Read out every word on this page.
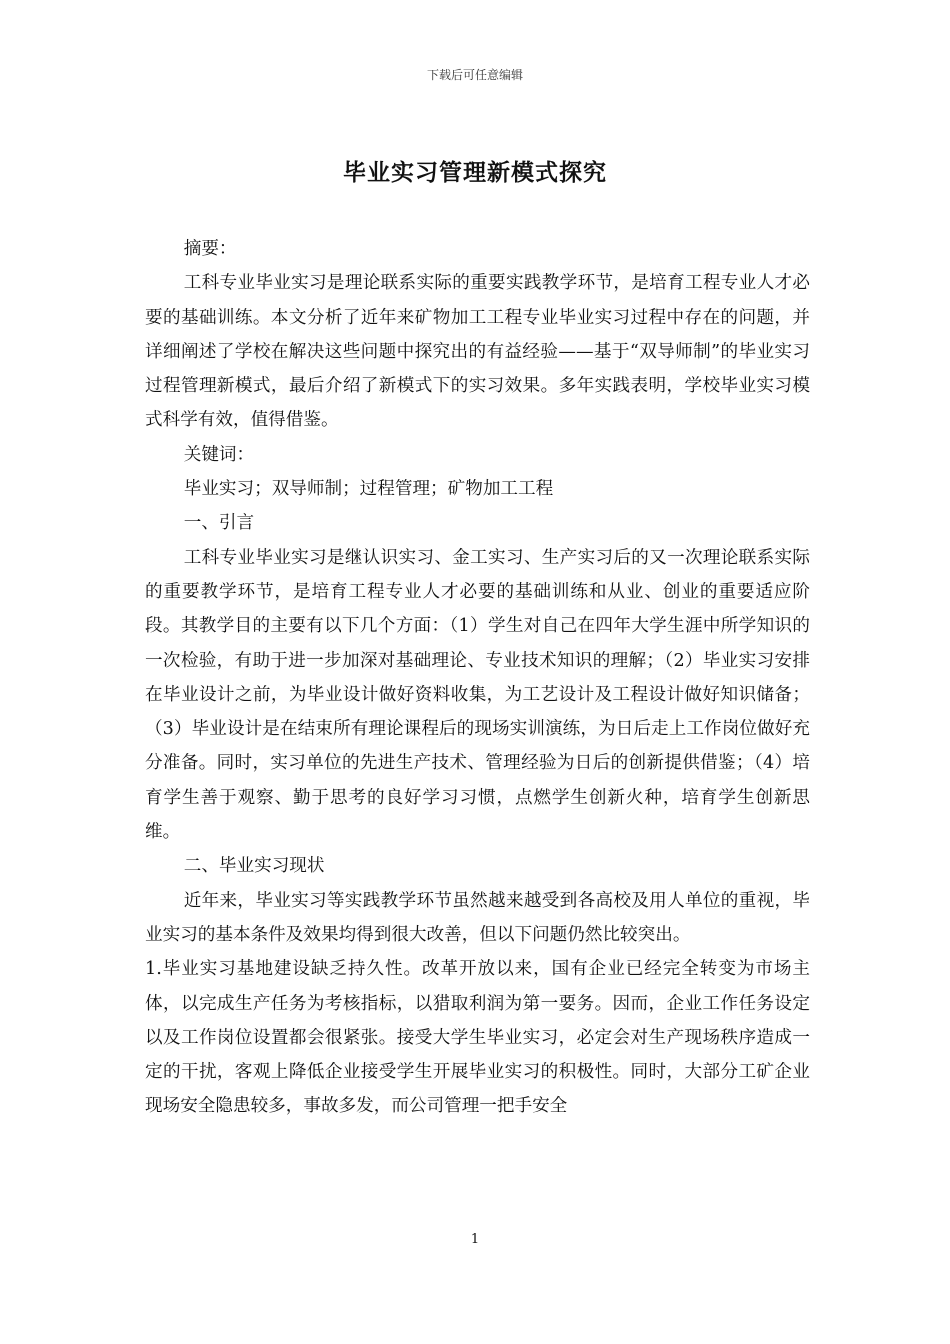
下载后可任意编辑
毕业实习管理新模式探究

摘要：

工科专业毕业实习是理论联系实际的重要实践教学环节，是培育工程专业人才必要的基础训练。本文分析了近年来矿物加工工程专业毕业实习过程中存在的问题，并详细阐述了学校在解决这些问题中探究出的有益经验——基于“双导师制”的毕业实习过程管理新模式，最后介绍了新模式下的实习效果。多年实践表明，学校毕业实习模式科学有效，值得借鉴。

关键词：

毕业实习；双导师制；过程管理；矿物加工工程

一、引言

工科专业毕业实习是继认识实习、金工实习、生产实习后的又一次理论联系实际的重要教学环节，是培育工程专业人才必要的基础训练和从业、创业的重要适应阶段。其教学目的主要有以下几个方面：（1）学生对自己在四年大学生涯中所学知识的一次检验，有助于进一步加深对基础理论、专业技术知识的理解；（2）毕业实习安排在毕业设计之前，为毕业设计做好资料收集，为工艺设计及工程设计做好知识储备；（3）毕业设计是在结束所有理论课程后的现场实训演练，为日后走上工作岗位做好充分准备。同时，实习单位的先进生产技术、管理经验为日后的创新提供借鉴；（4）培育学生善于观察、勤于思考的良好学习习惯，点燃学生创新火种，培育学生创新思维。

二、毕业实习现状

近年来，毕业实习等实践教学环节虽然越来越受到各高校及用人单位的重视，毕业实习的基本条件及效果均得到很大改善，但以下问题仍然比较突出。

1.毕业实习基地建设缺乏持久性。改革开放以来，国有企业已经完全转变为市场主体，以完成生产任务为考核指标，以猎取利润为第一要务。因而，企业工作任务设定以及工作岗位设置都会很紧张。接受大学生毕业实习，必定会对生产现场秩序造成一定的干扰，客观上降低企业接受学生开展毕业实习的积极性。同时，大部分工矿企业现场安全隐患较多，事故多发，而公司管理一把手安全

1
